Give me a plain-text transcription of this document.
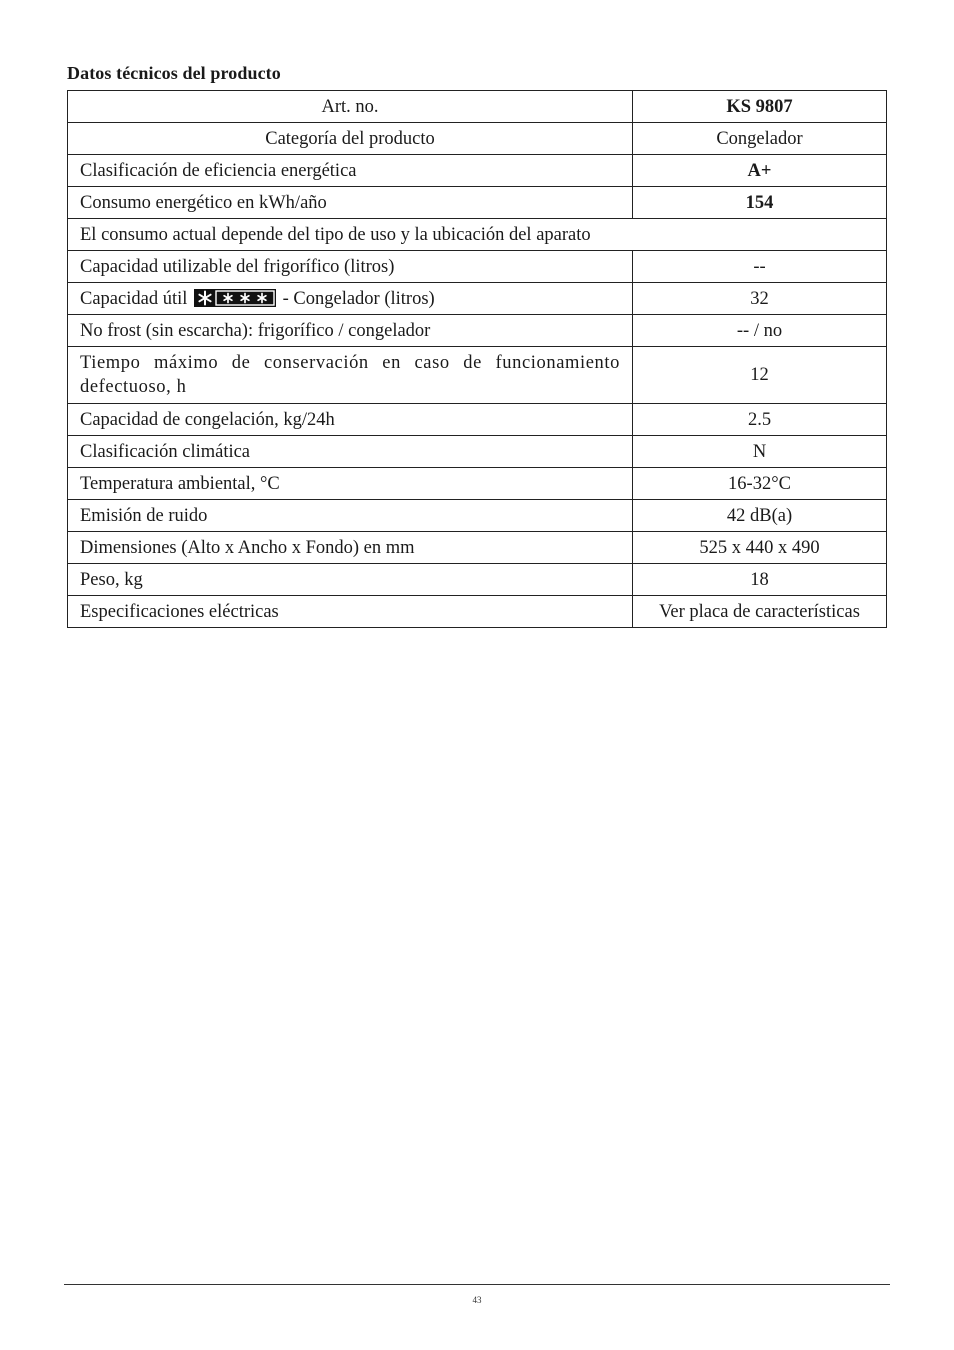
Datos técnicos del producto
Art. no.	KS 9807
Categoría del producto	Congelador
Clasificación de eficiencia energética	A+
Consumo energético en kWh/año	154
El consumo actual depende del tipo de uso y la ubicación del aparato	
Capacidad utilizable del frigorífico (litros)	--
Capacidad útil - Congelador (litros)	32
No frost (sin escarcha): frigorífico / congelador	-- / no
Tiempo máximo de conservación en caso de funcionamiento defectuoso, h	12
Capacidad de congelación, kg/24h	2.5
Clasificación climática	N
Temperatura ambiental, °C	16-32°C
Emisión de ruido	42 dB(a)
Dimensiones (Alto x Ancho x Fondo) en mm	525 x 440 x 490
Peso, kg	18
Especificaciones eléctricas	Ver placa de características
43
